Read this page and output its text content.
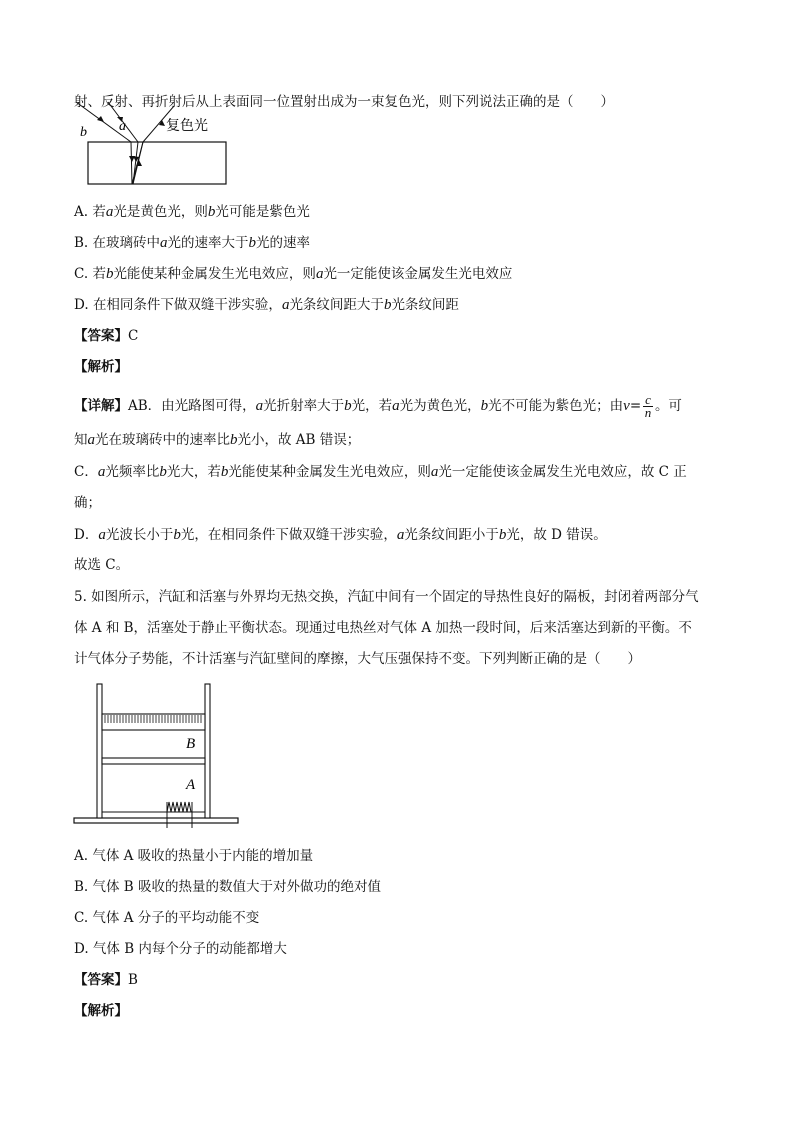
射、反射、再折射后从上表面同一位置射出成为一束复色光，则下列说法正确的是（　　）
b a	复色光
A. 若a光是黄色光，则b光可能是紫色光
B. 在玻璃砖中a光的速率大于b光的速率
C. 若b光能使某种金属发生光电效应，则a光一定能使该金属发生光电效应
D. 在相同条件下做双缝干涉实验，a光条纹间距大于b光条纹间距
【答案】C
【解析】
【详解】AB．由光路图可得，a光折射率大于b光，若a光为黄色光，b光不可能为紫色光；由$v= \frac{c}{n}$ 。可
知a光在玻璃砖中的速率比b光小，故 AB 错误；
C．a光频率比b光大，若b光能使某种金属发生光电效应，则a光一定能使该金属发生光电效应，故 C 正
确；
D．a光波长小于b光，在相同条件下做双缝干涉实验，a光条纹间距小于b光，故 D 错误。
故选 C。
5. 如图所示，汽缸和活塞与外界均无热交换，汽缸中间有一个固定的导热性良好的隔板，封闭着两部分气
体 A 和 B，活塞处于静止平衡状态。现通过电热丝对气体 A 加热一段时间，后来活塞达到新的平衡。不
计气体分子势能，不计活塞与汽缸壁间的摩擦，大气压强保持不变。下列判断正确的是（　　）
B
A
A. 气体 A 吸收的热量小于内能的增加量
B. 气体 B 吸收的热量的数值大于对外做功的绝对值
C. 气体 A 分子的平均动能不变
D. 气体 B 内每个分子的动能都增大
【答案】B
【解析】
